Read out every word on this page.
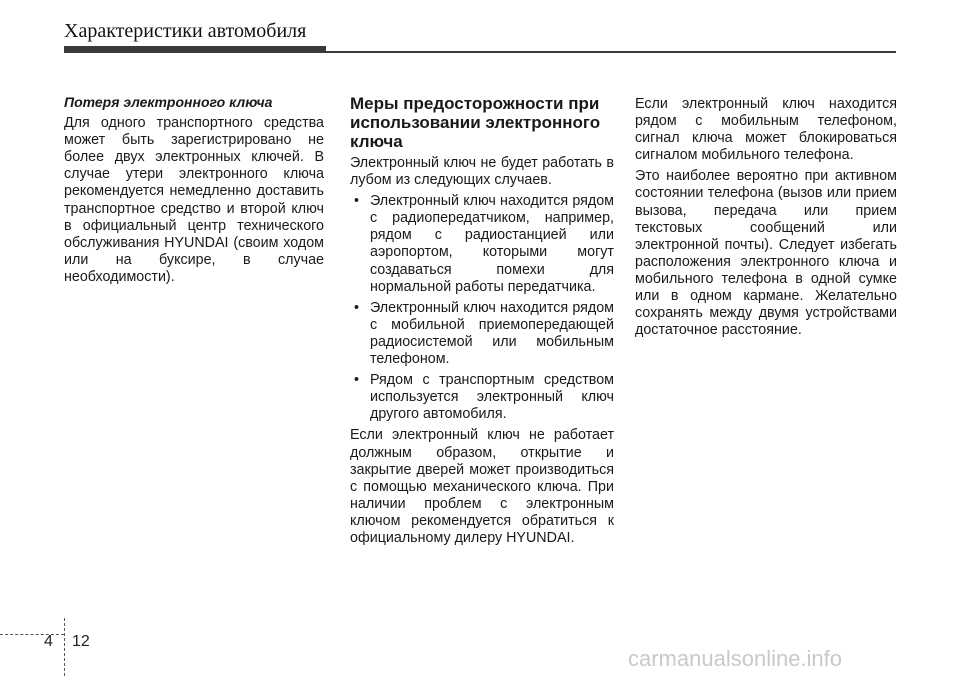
Характеристики автомобиля

Потеря электронного ключа

Для одного транспортного средства может быть зарегистрировано не более двух электронных ключей. В случае утери электронного ключа рекомендуется немедленно доставить транспортное средство и второй ключ в официальный центр технического обслуживания HYUNDAI (своим ходом или на буксире, в случае необходимости).

Меры предосторожности при использовании электронного ключа

Электронный ключ не будет работать в лубом из следующих случаев.

• Электронный ключ находится рядом с радиопередатчиком, например, рядом с радиостанцией или аэропортом, которыми могут создаваться помехи для нормальной работы передатчика.
• Электронный ключ находится рядом с мобильной приемопередающей радиосистемой или мобильным телефоном.
• Рядом с транспортным средством используется электронный ключ другого автомобиля.

Если электронный ключ не работает должным образом, открытие и закрытие дверей может производиться с помощью механического ключа. При наличии проблем с электронным ключом рекомендуется обратиться к официальному дилеру HYUNDAI.

Если электронный ключ находится рядом с мобильным телефоном, сигнал ключа может блокироваться сигналом мобильного телефона.

Это наиболее вероятно при активном состоянии телефона (вызов или прием вызова, передача или прием текстовых сообщений или электронной почты). Следует избегать расположения электронного ключа и мобильного телефона в одной сумке или в одном кармане. Желательно сохранять между двумя устройствами достаточное расстояние.

4 12
carmanualsonline.info
